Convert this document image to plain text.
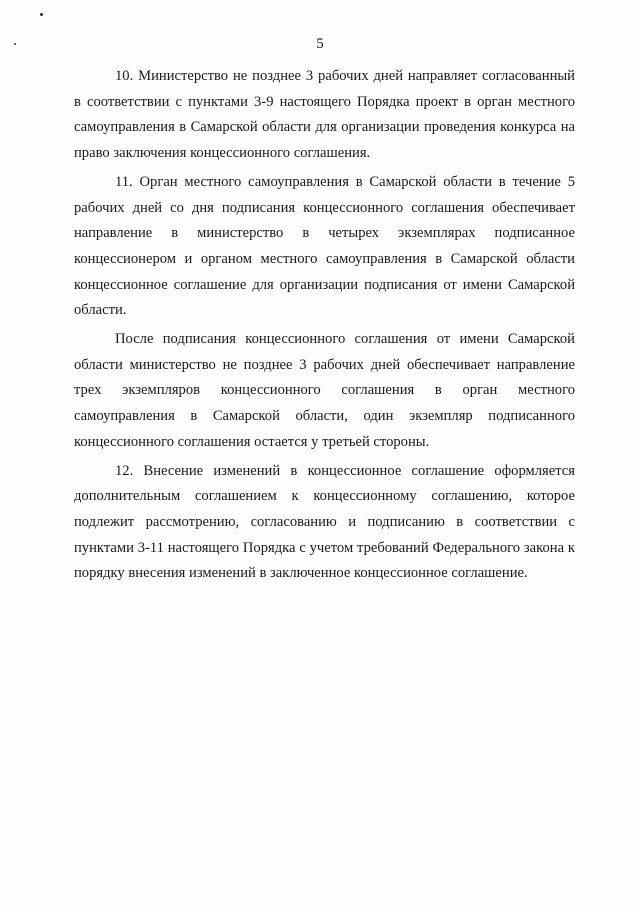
5

10. Министерство не позднее 3 рабочих дней направляет согласованный в соответствии с пунктами 3-9 настоящего Порядка проект в орган местного самоуправления в Самарской области для организации проведения конкурса на право заключения концессионного соглашения.

11. Орган местного самоуправления в Самарской области в течение 5 рабочих дней со дня подписания концессионного соглашения обеспечивает направление в министерство в четырех экземплярах подписанное концессионером и органом местного самоуправления в Самарской области концессионное соглашение для организации подписания от имени Самарской области.

После подписания концессионного соглашения от имени Самарской области министерство не позднее 3 рабочих дней обеспечивает направление трех экземпляров концессионного соглашения в орган местного самоуправления в Самарской области, один экземпляр подписанного концессионного соглашения остается у третьей стороны.

12. Внесение изменений в концессионное соглашение оформляется дополнительным соглашением к концессионному соглашению, которое подлежит рассмотрению, согласованию и подписанию в соответствии с пунктами 3-11 настоящего Порядка с учетом требований Федерального закона к порядку внесения изменений в заключенное концессионное соглашение.
